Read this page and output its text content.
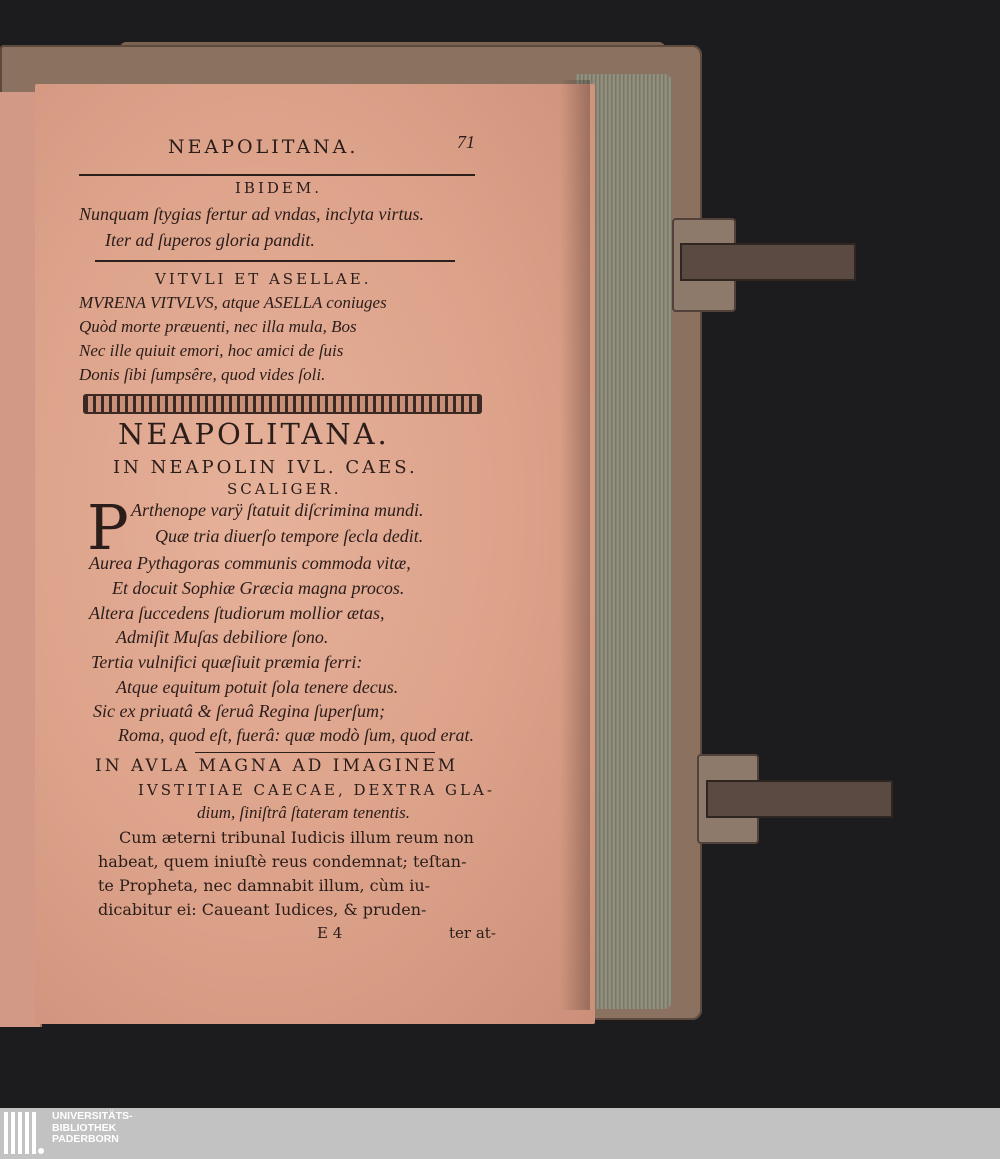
NEAPOLITANA.	71
IBIDEM.
Nunquam ſtygias fertur ad vndas, inclyta virtus.
Iter ad ſuperos gloria pandit.
VITVLI ET ASELLAE.
MVRENA VITVLVS, atque ASELLA coniuges
Quòd morte præuenti, nec illa mula, Bos
Nec ille quiuit emori, hoc amici de ſuis
Donis ſibi ſumpsêre, quod vides ſoli.
NEAPOLITANA.
IN NEAPOLIN IVL. CAES.
SCALIGER.
P Arthenope varÿ ſtatuit diſcrimina mundi.
Quæ tria diuerſo tempore ſecla dedit.
Aurea Pythagoras communis commoda vitæ,
Et docuit Sophiæ Græcia magna procos.
Altera ſuccedens ſtudiorum mollior ætas,
Admiſit Muſas debiliore ſono.
Tertia vulnifici quæſiuit præmia ferri:
Atque equitum potuit ſola tenere decus.
Sic ex priuatâ & ſeruâ Regina ſuperſum;
Roma, quod eſt, fuerâ: quæ modò ſum, quod erat.
IN AVLA MAGNA AD IMAGINEM
IVSTITIAE CAECAE, DEXTRA GLA-
dium, ſiniſtrâ ſtateram tenentis.
Cum æterni tribunal Iudicis illum reum non
habeat, quem iniuſtè reus condemnat; teſtan-
te Propheta, nec damnabit illum, cùm iu-
dicabitur ei: Caueant Iudices, & pruden-
E 4	ter at-
UNIVERSITÄTS-
BIBLIOTHEK
PADERBORN
